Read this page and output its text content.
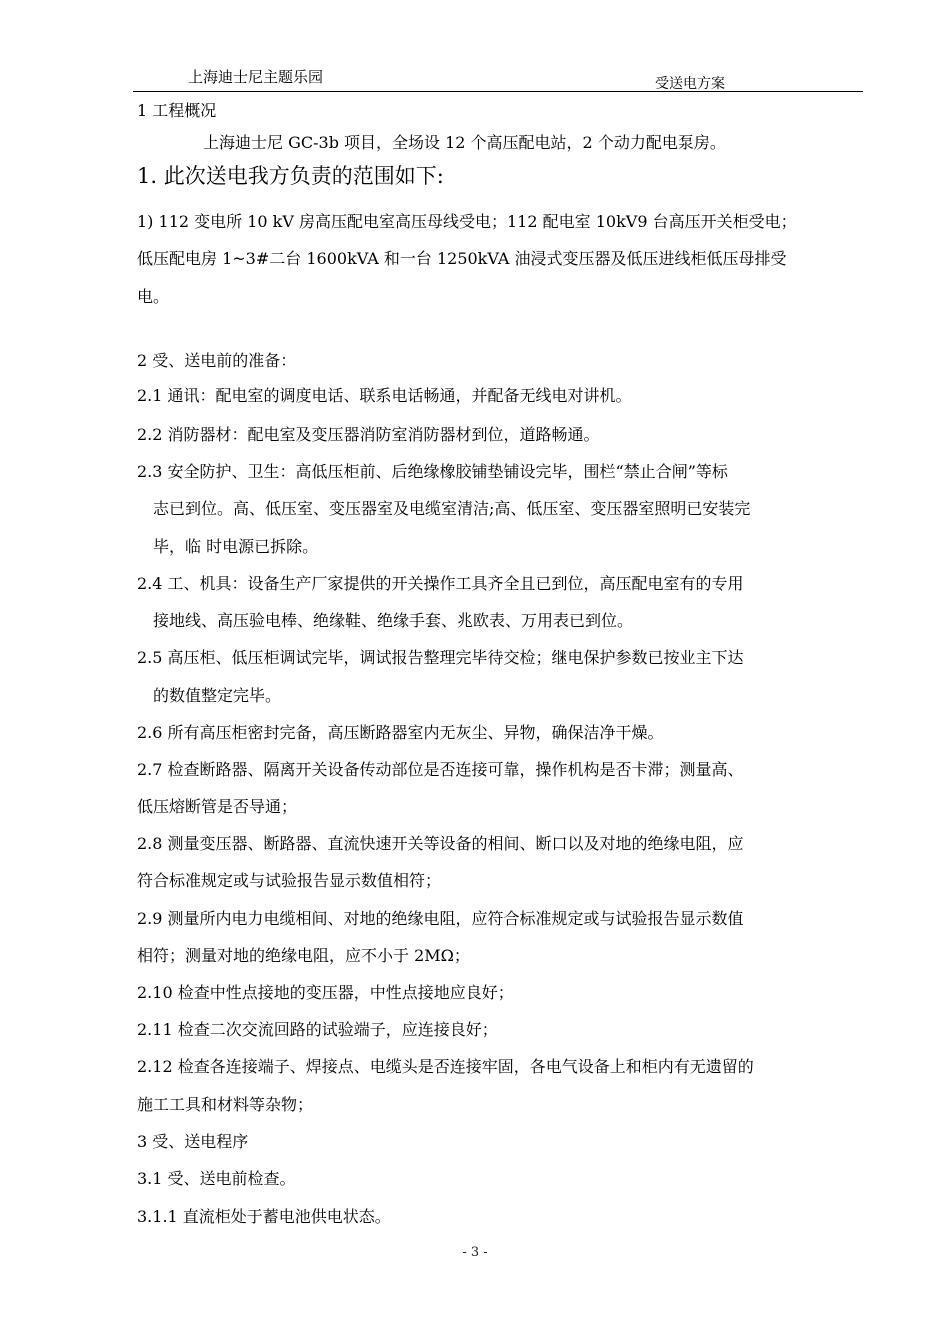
上海迪士尼主题乐园	受送电方案
1 工程概况
上海迪士尼 GC-3b 项目，全场设 12 个高压配电站，2 个动力配电泵房。
1. 此次送电我方负责的范围如下:
1) 112 变电所 10 kV 房高压配电室高压母线受电；112 配电室 10kV9 台高压开关柜受电；
低压配电房 1~3#二台 1600kVA 和一台 1250kVA 油浸式变压器及低压进线柜低压母排受
电。
2 受、送电前的准备：
2.1 通讯：配电室的调度电话、联系电话畅通，并配备无线电对讲机。
2.2 消防器材：配电室及变压器消防室消防器材到位，道路畅通。
2.3 安全防护、卫生：高低压柜前、后绝缘橡胶铺垫铺设完毕，围栏“禁止合闸”等标
志已到位。高、低压室、变压器室及电缆室清洁;高、低压室、变压器室照明已安装完
毕，临 时电源已拆除。
2.4 工、机具：设备生产厂家提供的开关操作工具齐全且已到位，高压配电室有的专用
接地线、高压验电棒、绝缘鞋、绝缘手套、兆欧表、万用表已到位。
2.5 高压柜、低压柜调试完毕，调试报告整理完毕待交检；继电保护参数已按业主下达
的数值整定完毕。
2.6 所有高压柜密封完备，高压断路器室内无灰尘、异物，确保洁净干燥。
2.7 检查断路器、隔离开关设备传动部位是否连接可靠，操作机构是否卡滞；测量高、
低压熔断管是否导通；
2.8 测量变压器、断路器、直流快速开关等设备的相间、断口以及对地的绝缘电阻，应
符合标准规定或与试验报告显示数值相符；
2.9 测量所内电力电缆相间、对地的绝缘电阻，应符合标准规定或与试验报告显示数值
相符；测量对地的绝缘电阻，应不小于 2MΩ；
2.10 检查中性点接地的变压器，中性点接地应良好；
2.11 检查二次交流回路的试验端子，应连接良好；
2.12 检查各连接端子、焊接点、电缆头是否连接牢固，各电气设备上和柜内有无遗留的
施工工具和材料等杂物；
3 受、送电程序
3.1 受、送电前检查。
3.1.1 直流柜处于蓄电池供电状态。
- 3 -
